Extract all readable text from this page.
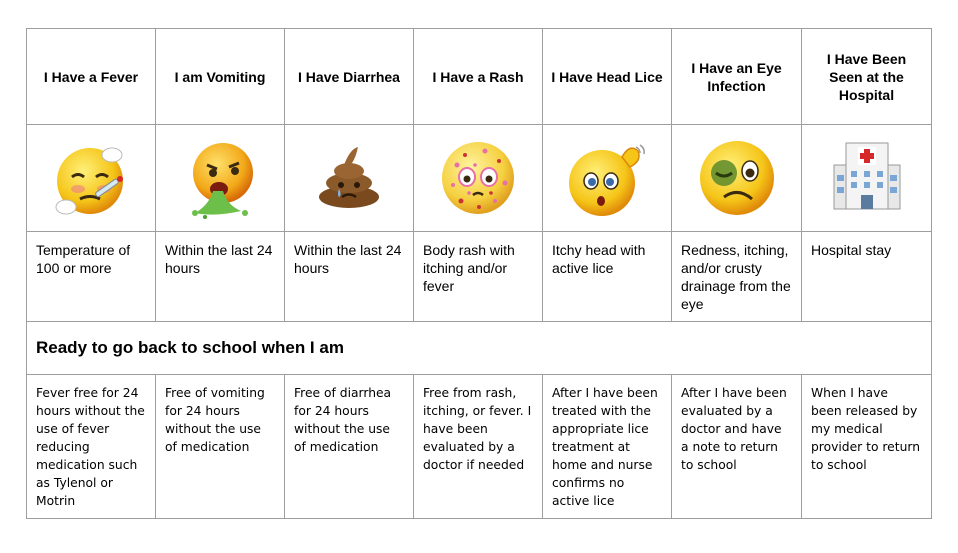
I Have a Fever	I am Vomiting	I Have Diarrhea	I Have a Rash	I Have Head Lice	I Have an Eye Infection	I Have Been Seen at the Hospital

Temperature of 100 or more	Within the last 24 hours	Within the last 24 hours	Body rash with itching and/or fever	Itchy head with active lice	Redness, itching, and/or crusty drainage from the eye	Hospital stay
Ready to go back to school when I am						
Fever free for 24 hours without the use of fever reducing medication such as Tylenol or Motrin	Free of vomiting for 24 hours without the use of medication	Free of diarrhea for 24 hours without the use of medication	Free from rash, itching, or fever. I have been evaluated by a doctor if needed	After I have been treated with the appropriate lice treatment at home and nurse confirms no active lice	After I have been evaluated by a doctor and have a note to return to school	When I have been released by my medical provider to return to school
